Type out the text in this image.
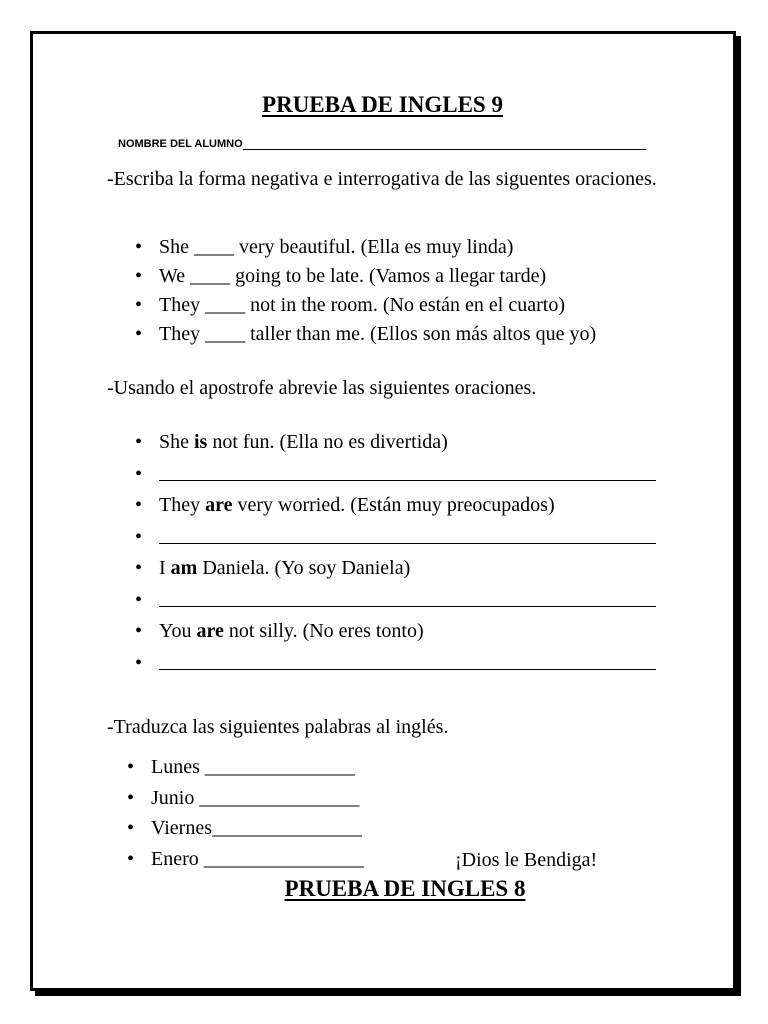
PRUEBA DE INGLES 9
NOMBRE DEL ALUMNO
-Escriba la forma negativa e interrogativa de las siguentes oraciones.
• She ____ very beautiful. (Ella es muy linda)
• We ____ going to be late. (Vamos a llegar tarde)
• They ____ not in the room. (No están en el cuarto)
• They ____ taller than me. (Ellos son más altos que yo)
-Usando el apostrofe abrevie las siguientes oraciones.
• She is not fun. (Ella no es divertida)
•
• They are very worried. (Están muy preocupados)
•
• I am Daniela. (Yo soy Daniela)
•
• You are not silly. (No eres tonto)
•
-Traduzca las siguientes palabras al inglés.
• Lunes _______________
• Junio ________________
• Viernes_______________
• Enero ________________	¡Dios le Bendiga!
PRUEBA DE INGLES 8
